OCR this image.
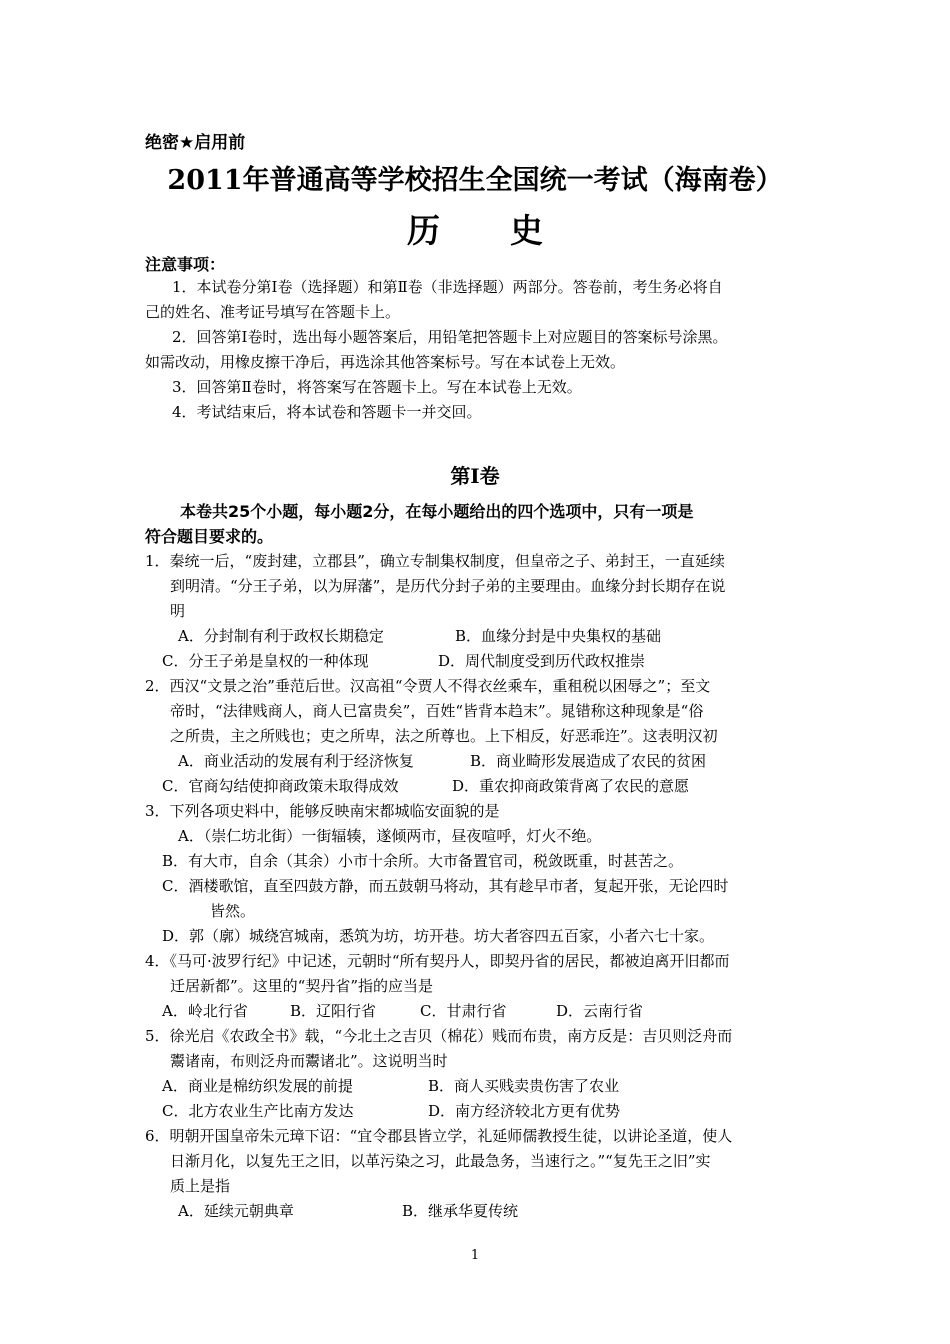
绝密★启用前
2011年普通高等学校招生全国统一考试（海南卷）
历史
注意事项：
1．本试卷分第Ⅰ卷（选择题）和第Ⅱ卷（非选择题）两部分。答卷前，考生务必将自
己的姓名、准考证号填写在答题卡上。
2．回答第Ⅰ卷时，选出每小题答案后，用铅笔把答题卡上对应题目的答案标号涂黑。
如需改动，用橡皮擦干净后，再选涂其他答案标号。写在本试卷上无效。
3．回答第Ⅱ卷时，将答案写在答题卡上。写在本试卷上无效。
4．考试结束后，将本试卷和答题卡一并交回。
第Ⅰ卷
本卷共25个小题，每小题2分，在每小题给出的四个选项中，只有一项是
符合题目要求的。
1．秦统一后，“废封建，立郡县”，确立专制集权制度，但皇帝之子、弟封王，一直延续
到明清。“分王子弟，以为屏藩”，是历代分封子弟的主要理由。血缘分封长期存在说
明
A．分封制有利于政权长期稳定	B．血缘分封是中央集权的基础
C．分王子弟是皇权的一种体现	D．周代制度受到历代政权推崇
2．西汉“文景之治”垂范后世。汉高祖“令贾人不得衣丝乘车，重租税以困辱之”；至文
帝时，“法律贱商人，商人已富贵矣”，百姓“皆背本趋末”。晁错称这种现象是“俗
之所贵，主之所贱也；吏之所卑，法之所尊也。上下相反，好恶乖迕”。这表明汉初
A．商业活动的发展有利于经济恢复	B．商业畸形发展造成了农民的贫困
C．官商勾结使抑商政策未取得成效	D．重农抑商政策背离了农民的意愿
3．下列各项史料中，能够反映南宋都城临安面貌的是
A．（崇仁坊北街）一街辐辏，遂倾两市，昼夜喧呼，灯火不绝。
B．有大市，自余（其余）小市十余所。大市备置官司，税敛既重，时甚苦之。
C．酒楼歌馆，直至四鼓方静，而五鼓朝马将动，其有趁早市者，复起开张，无论四时
皆然。
D．郭（廓）城绕宫城南，悉筑为坊，坊开巷。坊大者容四五百家，小者六七十家。
4．《马可·波罗行纪》中记述，元朝时“所有契丹人，即契丹省的居民，都被迫离开旧都而
迁居新都”。这里的“契丹省”指的应当是
A．岭北行省	B．辽阳行省	C．甘肃行省	D．云南行省
5．徐光启《农政全书》载，“今北土之吉贝（棉花）贱而布贵，南方反是：吉贝则泛舟而
鬻诸南，布则泛舟而鬻诸北”。这说明当时
A．商业是棉纺织发展的前提	B．商人买贱卖贵伤害了农业
C．北方农业生产比南方发达	D．南方经济较北方更有优势
6．明朝开国皇帝朱元璋下诏：“宜令郡县皆立学，礼延师儒教授生徒，以讲论圣道，使人
日渐月化，以复先王之旧，以革污染之习，此最急务，当速行之。”“复先王之旧”实
质上是指
A．延续元朝典章	B．继承华夏传统
1
